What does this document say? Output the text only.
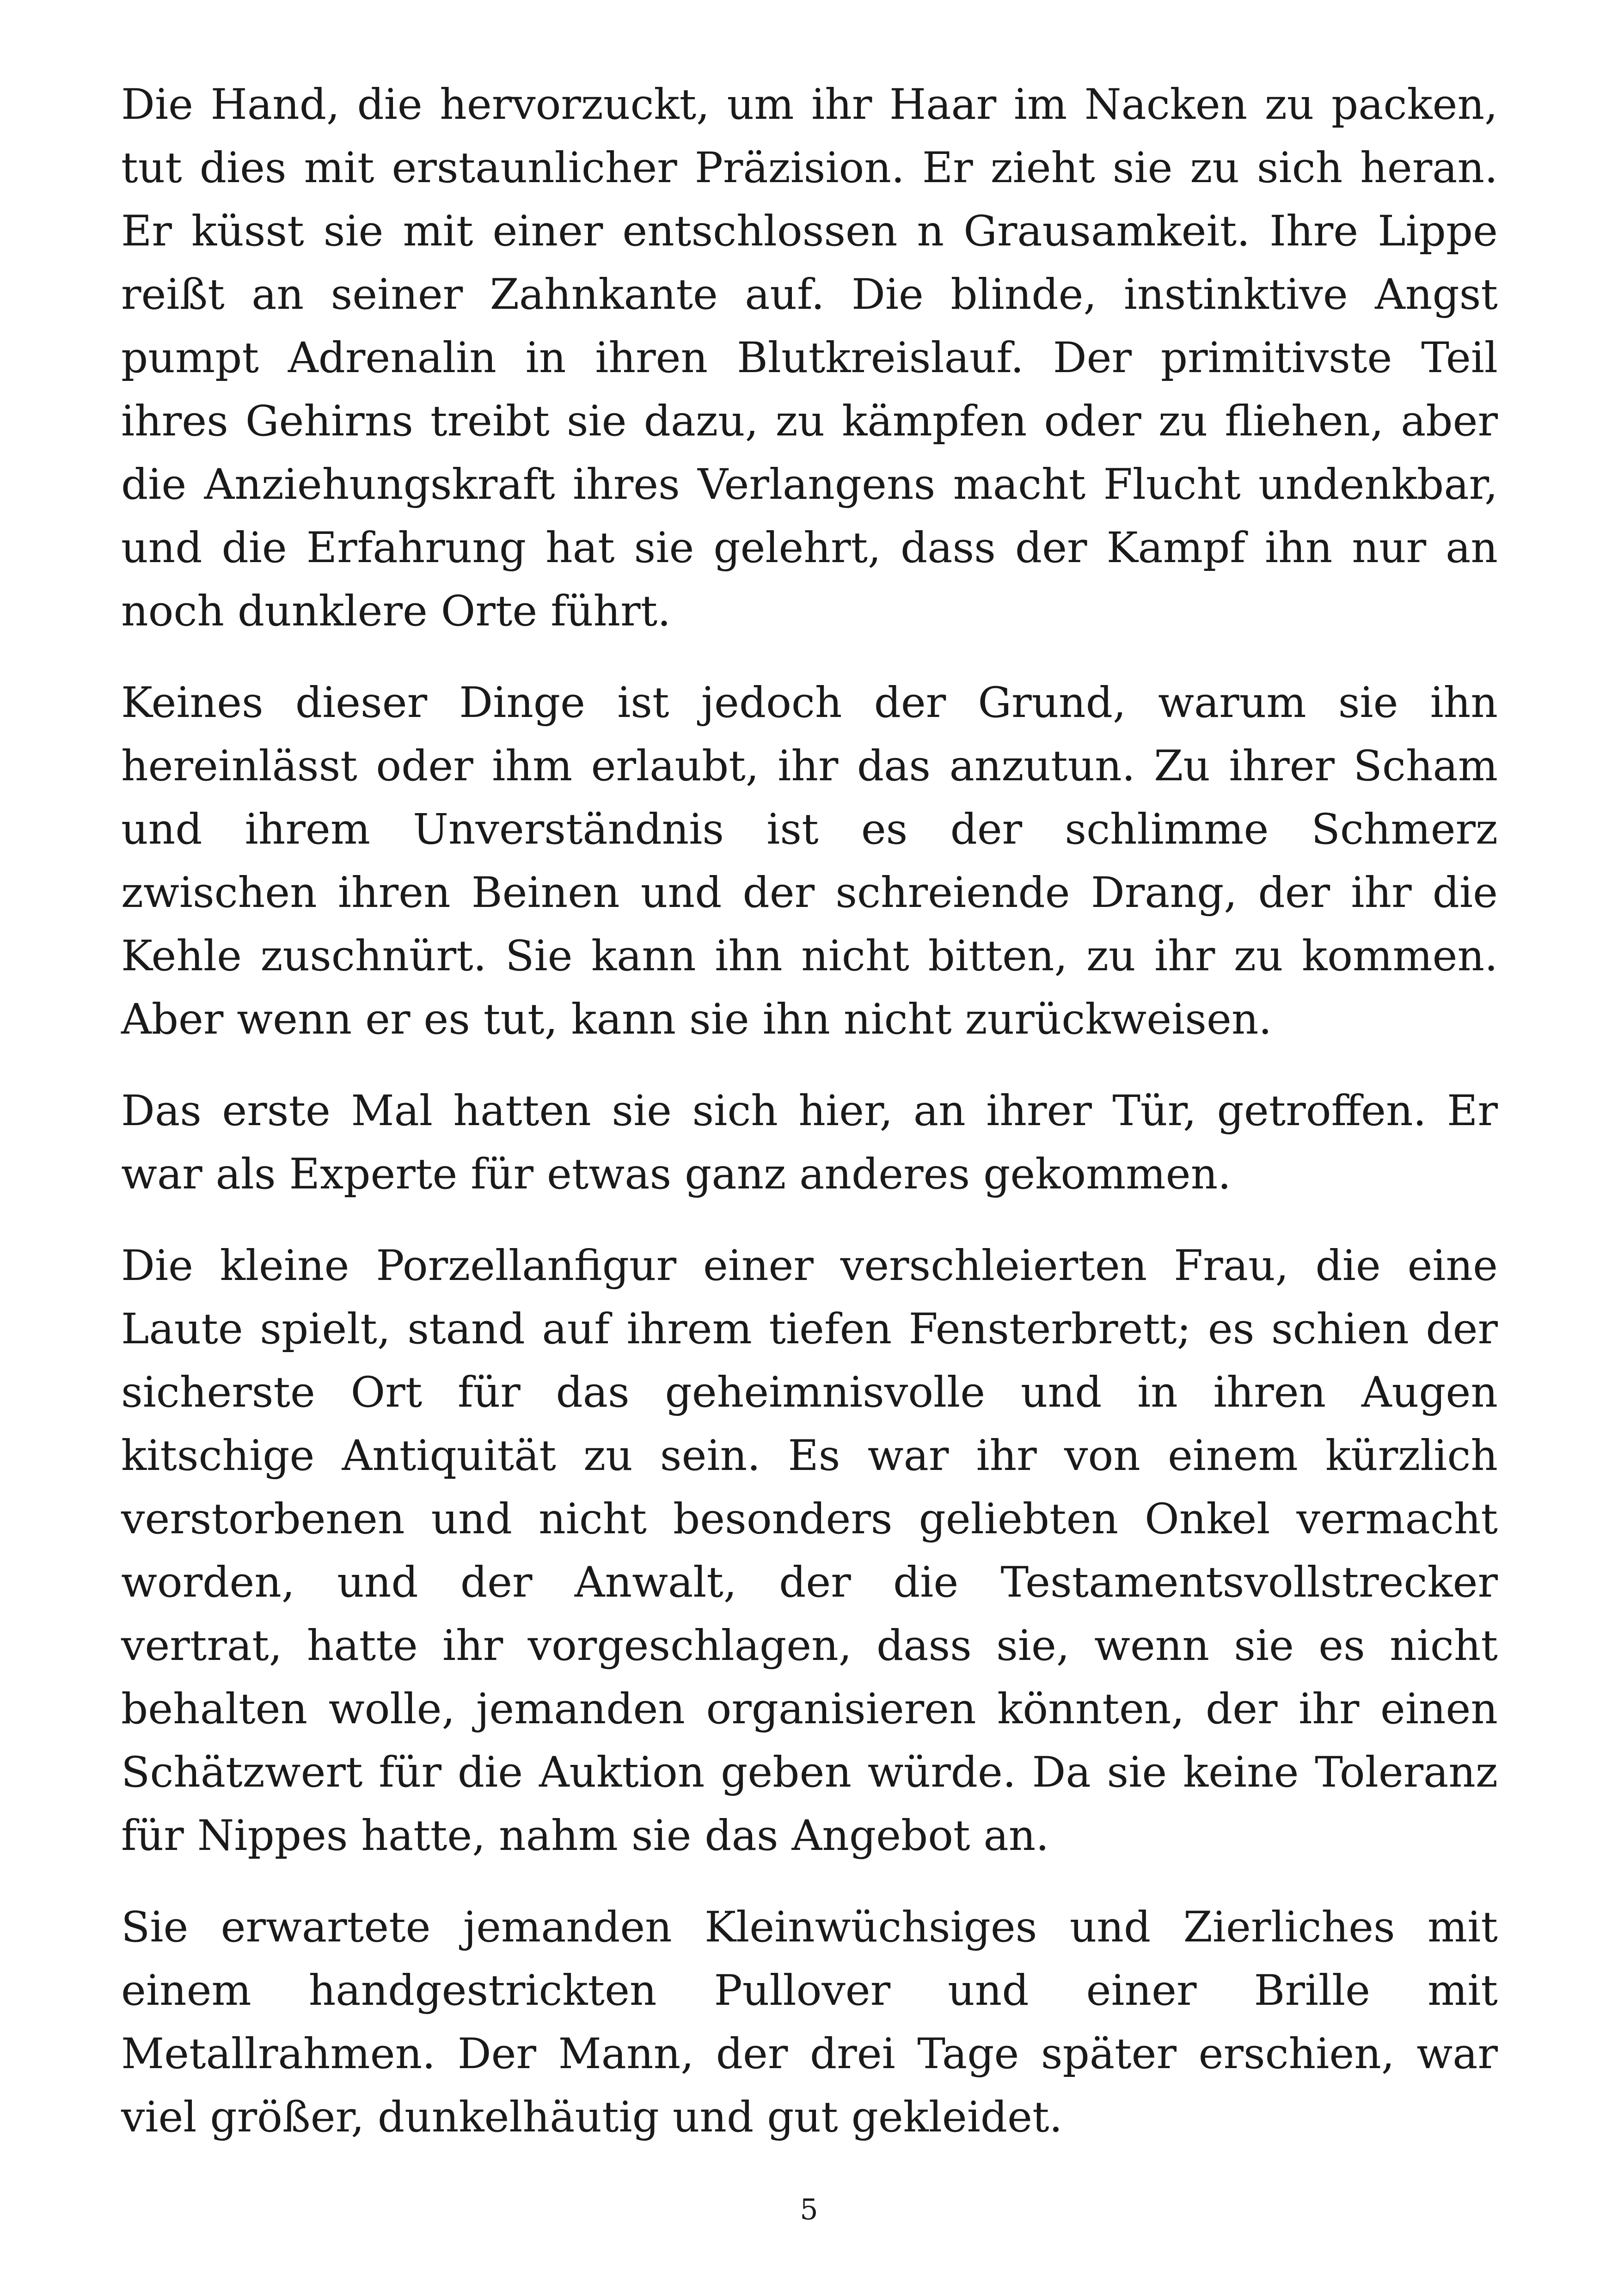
Die Hand, die hervorzuckt, um ihr Haar im Nacken zu packen, tut dies mit erstaunlicher Präzision. Er zieht sie zu sich heran. Er küsst sie mit einer entschlossen n Grausamkeit. Ihre Lippe reißt an seiner Zahnkante auf. Die blinde, instinktive Angst pumpt Adrenalin in ihren Blutkreislauf. Der primitivste Teil ihres Gehirns treibt sie dazu, zu kämpfen oder zu fliehen, aber die Anziehungskraft ihres Verlangens macht Flucht undenkbar, und die Erfahrung hat sie gelehrt, dass der Kampf ihn nur an noch dunklere Orte führt.

Keines dieser Dinge ist jedoch der Grund, warum sie ihn hereinlässt oder ihm erlaubt, ihr das anzutun. Zu ihrer Scham und ihrem Unverständnis ist es der schlimme Schmerz zwischen ihren Beinen und der schreiende Drang, der ihr die Kehle zuschnürt. Sie kann ihn nicht bitten, zu ihr zu kommen. Aber wenn er es tut, kann sie ihn nicht zurückweisen.

Das erste Mal hatten sie sich hier, an ihrer Tür, getroffen. Er war als Experte für etwas ganz anderes gekommen.

Die kleine Porzellanfigur einer verschleierten Frau, die eine Laute spielt, stand auf ihrem tiefen Fensterbrett; es schien der sicherste Ort für das geheimnisvolle und in ihren Augen kitschige Antiquität zu sein. Es war ihr von einem kürzlich verstorbenen und nicht besonders geliebten Onkel vermacht worden, und der Anwalt, der die Testamentsvollstrecker vertrat, hatte ihr vorgeschlagen, dass sie, wenn sie es nicht behalten wolle, jemanden organisieren könnten, der ihr einen Schätzwert für die Auktion geben würde. Da sie keine Toleranz für Nippes hatte, nahm sie das Angebot an.

Sie erwartete jemanden Kleinwüchsiges und Zierliches mit einem handgestrickten Pullover und einer Brille mit Metallrahmen. Der Mann, der drei Tage später erschien, war viel größer, dunkelhäutig und gut gekleidet.

5
